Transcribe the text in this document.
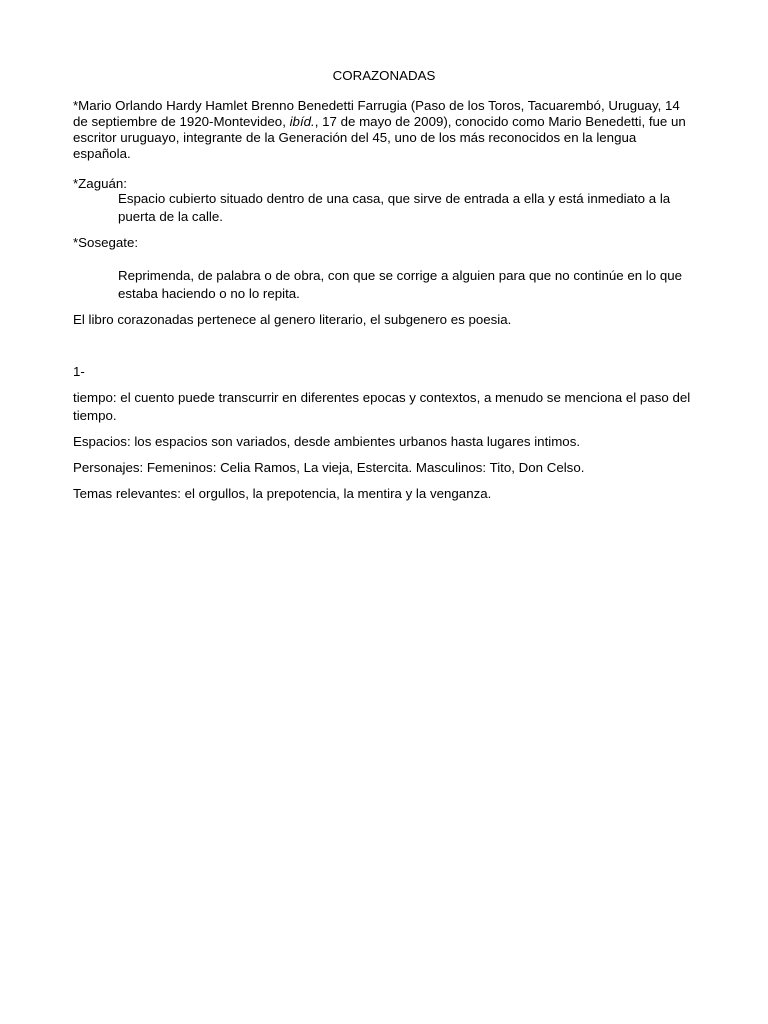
CORAZONADAS
*Mario Orlando Hardy Hamlet Brenno Benedetti Farrugia (Paso de los Toros, Tacuarembó, Uruguay, 14 de septiembre de 1920-Montevideo, ibíd., 17 de mayo de 2009), conocido como Mario Benedetti, fue un escritor uruguayo, integrante de la Generación del 45, uno de los más reconocidos en la lengua española.
*Zaguán:
Espacio cubierto situado dentro de una casa, que sirve de entrada a ella y está inmediato a la puerta de la calle.
*Sosegate:
Reprimenda, de palabra o de obra, con que se corrige a alguien para que no continúe en lo que estaba haciendo o no lo repita.
El libro corazonadas pertenece al genero literario, el subgenero es poesia.
1-
tiempo: el cuento puede transcurrir en diferentes epocas y contextos, a menudo se menciona el paso del tiempo.
Espacios: los espacios son variados, desde ambientes urbanos hasta lugares intimos.
Personajes: Femeninos: Celia Ramos, La vieja, Estercita. Masculinos: Tito, Don Celso.
Temas relevantes: el orgullos, la prepotencia, la mentira y la venganza.
